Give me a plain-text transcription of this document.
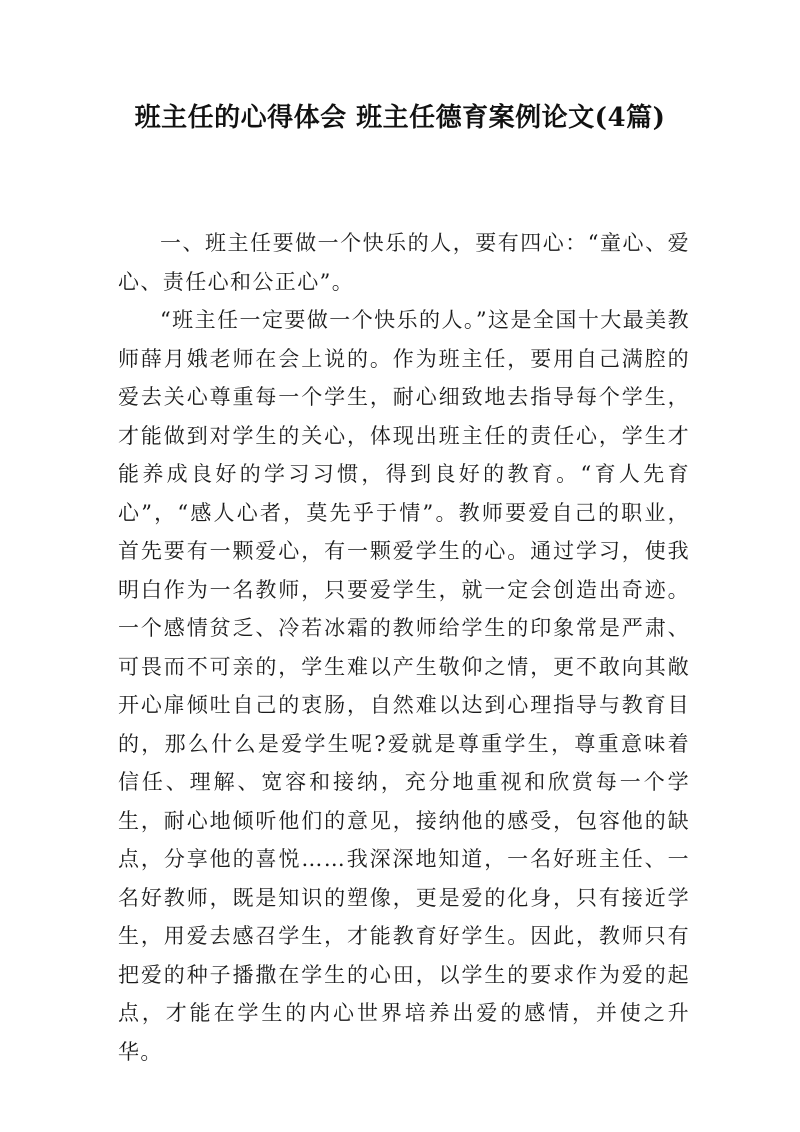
班主任的心得体会 班主任德育案例论文(4篇)

一、班主任要做一个快乐的人，要有四心：“童心、爱心、责任心和公正心”。

“班主任一定要做一个快乐的人。”这是全国十大最美教师薛月娥老师在会上说的。作为班主任，要用自己满腔的爱去关心尊重每一个学生，耐心细致地去指导每个学生，才能做到对学生的关心，体现出班主任的责任心，学生才能养成良好的学习习惯，得到良好的教育。“育人先育心”，“感人心者，莫先乎于情”。教师要爱自己的职业，首先要有一颗爱心，有一颗爱学生的心。通过学习，使我明白作为一名教师，只要爱学生，就一定会创造出奇迹。一个感情贫乏、冷若冰霜的教师给学生的印象常是严肃、可畏而不可亲的，学生难以产生敬仰之情，更不敢向其敞开心扉倾吐自己的衷肠，自然难以达到心理指导与教育目的，那么什么是爱学生呢?爱就是尊重学生，尊重意味着信任、理解、宽容和接纳，充分地重视和欣赏每一个学生，耐心地倾听他们的意见，接纳他的感受，包容他的缺点，分享他的喜悦……我深深地知道，一名好班主任、一名好教师，既是知识的塑像，更是爱的化身，只有接近学生，用爱去感召学生，才能教育好学生。因此，教师只有把爱的种子播撒在学生的心田，以学生的要求作为爱的起点，才能在学生的内心世界培养出爱的感情，并使之升华。
